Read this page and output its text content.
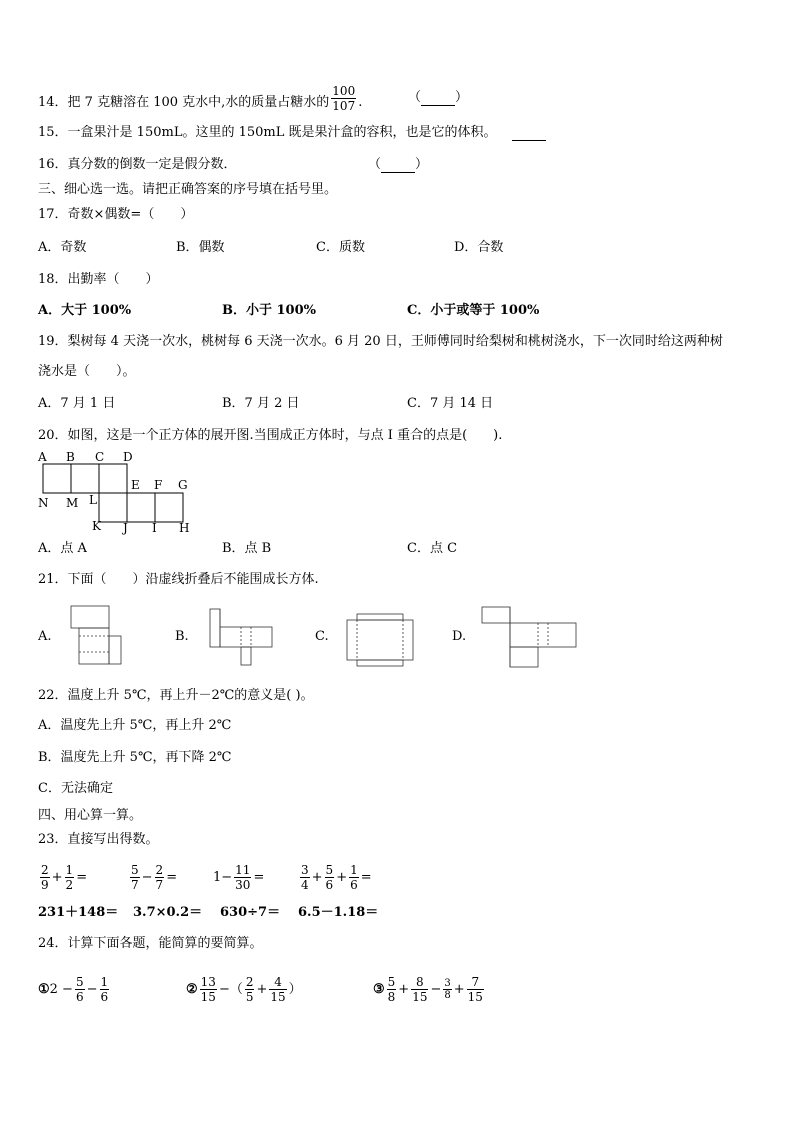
14．把 7 克糖溶在 100 克水中,水的质量占糖水的 $\frac{100}{107}$ .	（	）
15．一盒果汁是 150mL。这里的 150mL 既是果汁盒的容积，也是它的体积。
16．真分数的倒数一定是假分数．	（	）
三、细心选一选。请把正确答案的序号填在括号里。
17．奇数×偶数=（　　）
A．奇数	B．偶数	C．质数	D．合数
18．出勤率（　　）
A．大于 100%	B．小于 100%	C．小于或等于 100%
19．梨树每 4 天浇一次水，桃树每 6 天浇一次水。6 月 20 日，王师傅同时给梨树和桃树浇水，下一次同时给这两种树
浇水是（　　）。
A．7 月 1 日	B．7 月 2 日	C．7 月 14 日
20．如图，这是一个正方体的展开图.当围成正方体时，与点 I 重合的点是(　　).
A B C D
E F G
N M L
K J I H
A．点 A	B．点 B	C．点 C
21．下面（　　）沿虚线折叠后不能围成长方体.
A.	B.	C.	D.
22．温度上升 5℃，再上升－2℃的意义是( )。
A．温度先上升 5℃，再上升 2℃
B．温度先上升 5℃，再下降 2℃
C．无法确定
四、用心算一算。
23．直接写出得数。
$\frac{2}{9} + \frac{1}{2}$ =	$\frac{5}{7} - \frac{2}{7}$ =	$1- \frac{11}{30}$ =	$\frac{3}{4} + \frac{5}{6} + \frac{1}{6}$ =
231＋148＝ 3.7×0.2＝ 630÷7＝ 6.5－1.18＝
24．计算下面各题，能简算的要简算。
①2 − $\frac{5}{6} - \frac{1}{6}$	② $\frac{13}{15}$ −（ $\frac{2}{5} + \frac{4}{15}$ ）	③ $\frac{5}{8} + \frac{8}{15} - \frac{3}{8} + \frac{7}{15}$
